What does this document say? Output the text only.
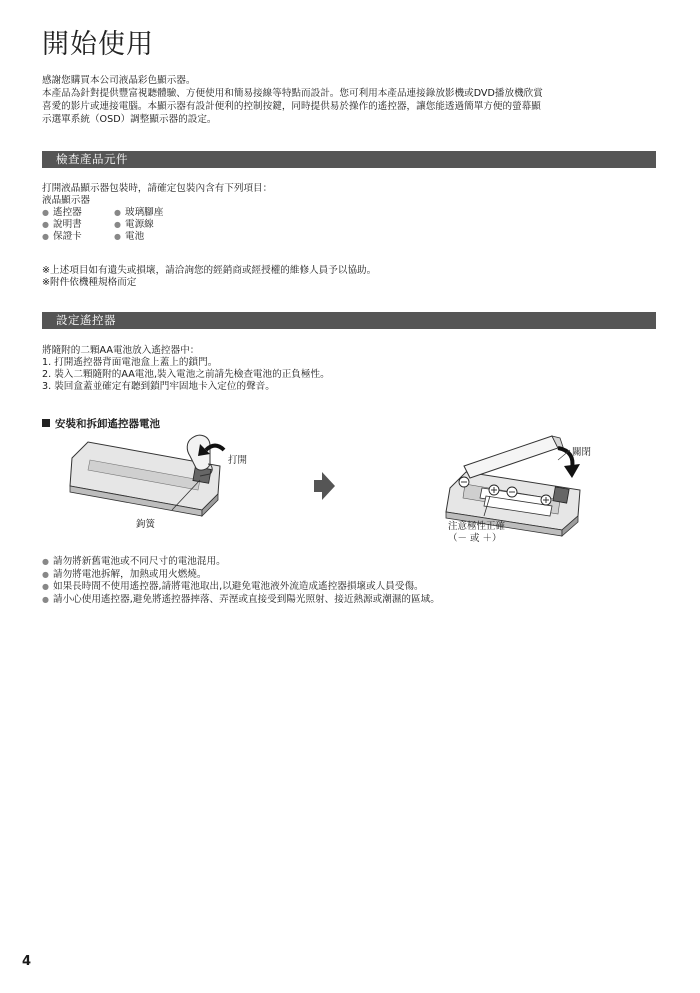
開始使用

感謝您購買本公司液晶彩色顯示器。

本產品為針對提供豐富視聽體驗、方便使用和簡易接線等特點而設計。您可利用本產品連接錄放影機或DVD播放機欣賞

喜愛的影片或連接電腦。本顯示器有設計便利的控制按鍵，同時提供易於操作的遙控器，讓您能透過簡單方便的螢幕顯

示選單系統（OSD）調整顯示器的設定。

檢查產品元件

打開液晶顯示器包裝時，請確定包裝內含有下列項目：

液晶顯示器

● 遙控器	● 玻璃腳座
● 說明書	● 電源線
● 保證卡	● 電池

※上述項目如有遺失或損壞，請洽詢您的經銷商或經授權的維修人員予以協助。

※附件依機種規格而定

設定遙控器

將隨附的二顆AA電池放入遙控器中：

1. 打開遙控器背面電池盒上蓋上的鎖門。

2. 裝入二顆隨附的AA電池,裝入電池之前請先檢查電池的正負極性。

3. 裝回盒蓋並確定有聽到鎖門牢固地卡入定位的聲音。

安裝和拆卸遙控器電池
打開
鉤簧
關閉
注意極性正確
（－ 或 ＋）

● 請勿將新舊電池或不同尺寸的電池混用。

● 請勿將電池拆解，加熱或用火燃燒。

● 如果長時間不使用遙控器,請將電池取出,以避免電池液外流造成遙控器損壞或人員受傷。

● 請小心使用遙控器,避免將遙控器摔落、弄溼或直接受到陽光照射、接近熱源或潮濕的區域。

4
